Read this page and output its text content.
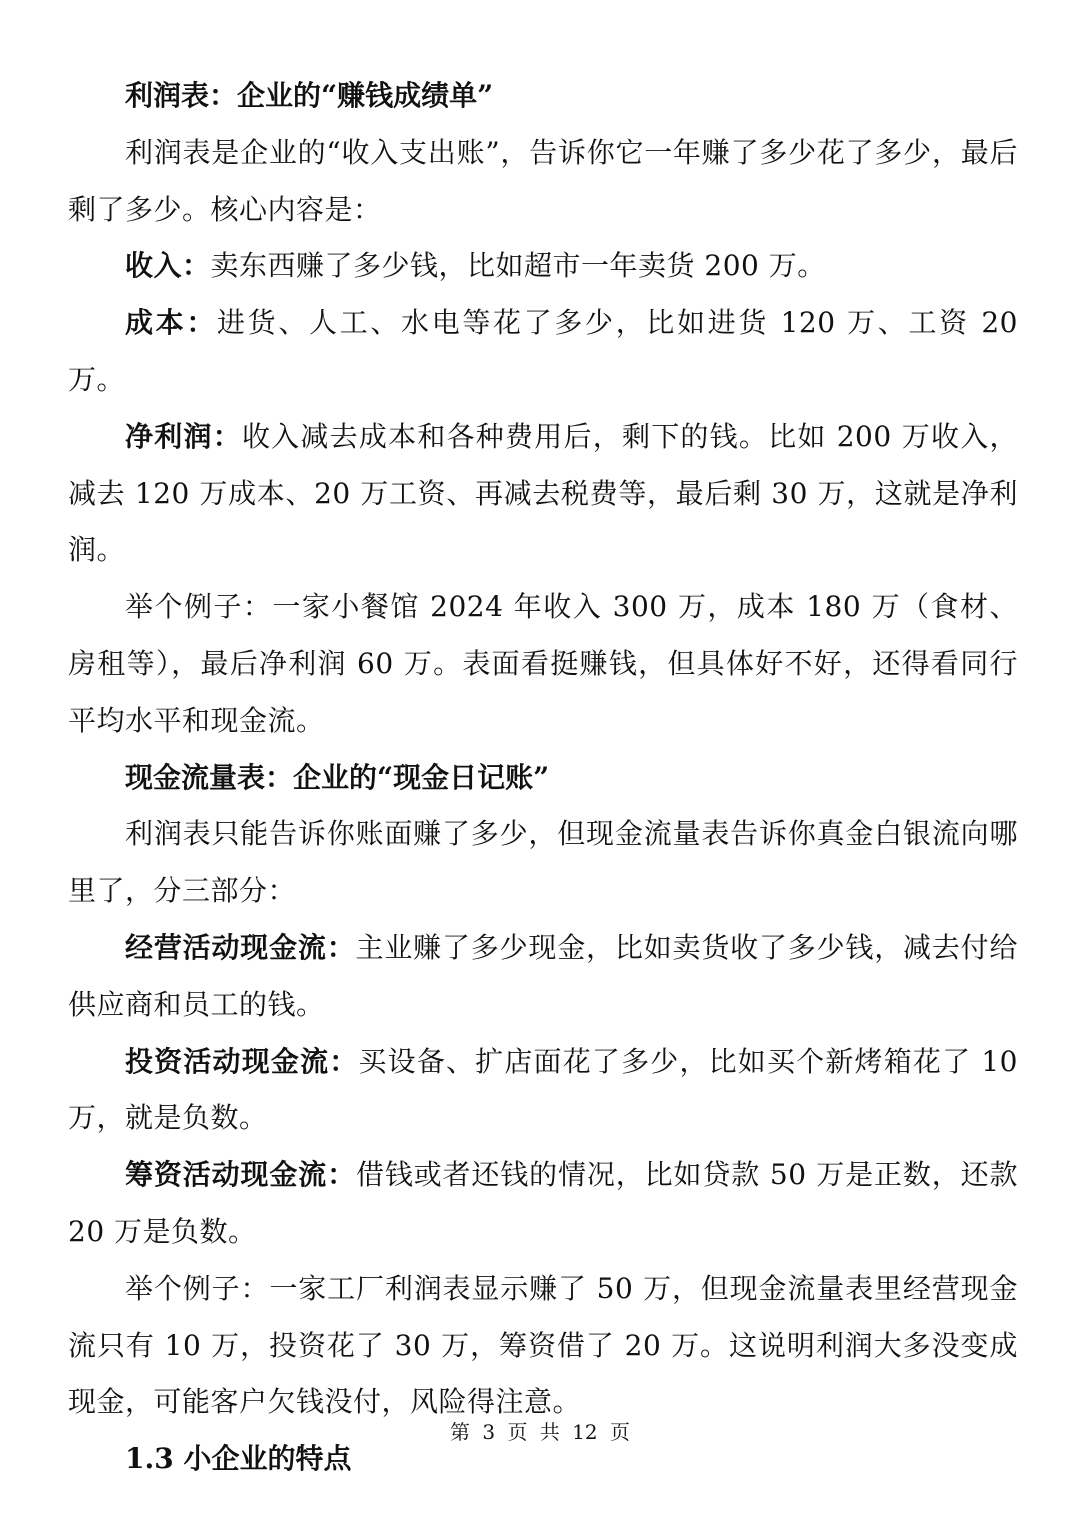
利润表：企业的“赚钱成绩单”

利润表是企业的“收入支出账”，告诉你它一年赚了多少花了多少，最后剩了多少。核心内容是：

收入：卖东西赚了多少钱，比如超市一年卖货 200 万。

成本：进货、人工、水电等花了多少，比如进货 120 万、工资 20 万。

净利润：收入减去成本和各种费用后，剩下的钱。比如 200 万收入，减去 120 万成本、20 万工资、再减去税费等，最后剩 30 万，这就是净利润。

举个例子：一家小餐馆 2024 年收入 300 万，成本 180 万（食材、房租等），最后净利润 60 万。表面看挺赚钱，但具体好不好，还得看同行平均水平和现金流。

现金流量表：企业的“现金日记账”

利润表只能告诉你账面赚了多少，但现金流量表告诉你真金白银流向哪里了，分三部分：

经营活动现金流：主业赚了多少现金，比如卖货收了多少钱，减去付给供应商和员工的钱。

投资活动现金流：买设备、扩店面花了多少，比如买个新烤箱花了 10 万，就是负数。

筹资活动现金流：借钱或者还钱的情况，比如贷款 50 万是正数，还款 20 万是负数。

举个例子：一家工厂利润表显示赚了 50 万，但现金流量表里经营现金流只有 10 万，投资花了 30 万，筹资借了 20 万。这说明利润大多没变成现金，可能客户欠钱没付，风险得注意。

1.3 小企业的特点

第 3 页 共 12 页
